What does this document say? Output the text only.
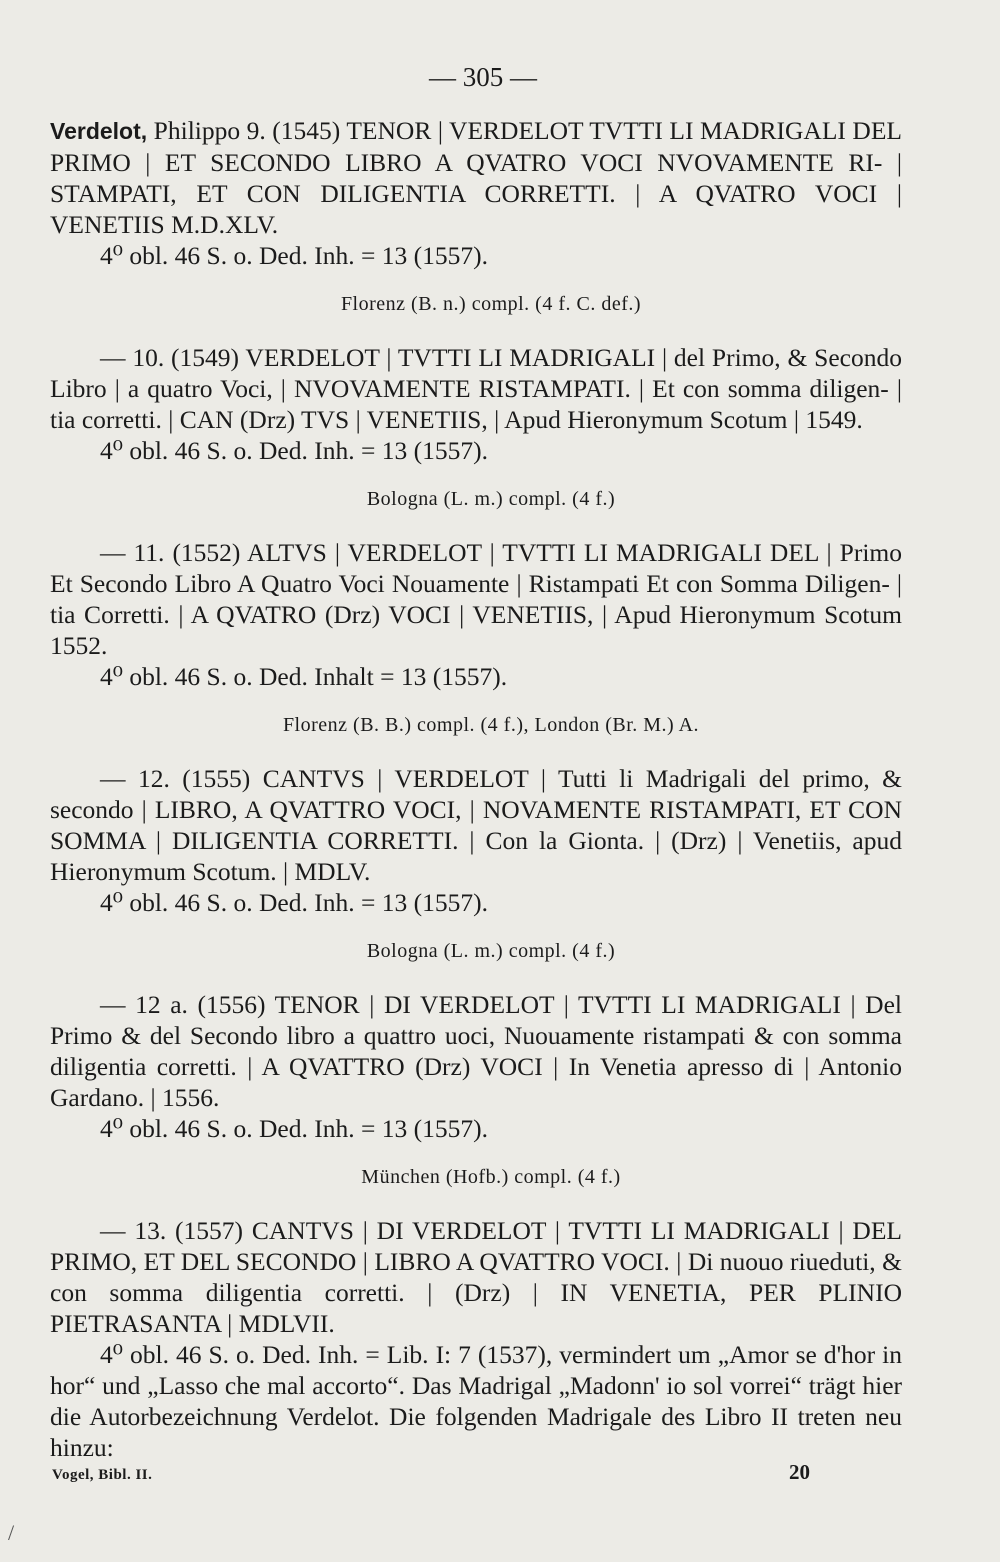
— 305 —

Verdelot, Philippo 9. (1545) TENOR | VERDELOT TVTTI LI MADRIGALI DEL PRIMO | ET SECONDO LIBRO A QVATRO VOCI NVOVAMENTE RI- | STAMPATI, ET CON DILIGENTIA CORRETTI. | A QVATRO VOCI | VENETIIS M.D.XLV.

4⁰ obl. 46 S. o. Ded. Inh. = 13 (1557).

Florenz (B. n.) compl. (4 f. C. def.)

— 10. (1549) VERDELOT | TVTTI LI MADRIGALI | del Primo, & Secondo Libro | a quatro Voci, | NVOVAMENTE RISTAMPATI. | Et con somma diligen- | tia corretti. | CAN (Drz) TVS | VENETIIS, | Apud Hieronymum Scotum | 1549.

4⁰ obl. 46 S. o. Ded. Inh. = 13 (1557).

Bologna (L. m.) compl. (4 f.)

— 11. (1552) ALTVS | VERDELOT | TVTTI LI MADRIGALI DEL | Primo Et Secondo Libro A Quatro Voci Nouamente | Ristampati Et con Somma Diligen- | tia Corretti. | A QVATRO (Drz) VOCI | VENETIIS, | Apud Hieronymum Scotum 1552.

4⁰ obl. 46 S. o. Ded. Inhalt = 13 (1557).

Florenz (B. B.) compl. (4 f.), London (Br. M.) A.

— 12. (1555) CANTVS | VERDELOT | Tutti li Madrigali del primo, & secondo | LIBRO, A QVATTRO VOCI, | NOVAMENTE RISTAMPATI, ET CON SOMMA | DILIGENTIA CORRETTI. | Con la Gionta. | (Drz) | Venetiis, apud Hieronymum Scotum. | MDLV.

4⁰ obl. 46 S. o. Ded. Inh. = 13 (1557).

Bologna (L. m.) compl. (4 f.)

— 12 a. (1556) TENOR | DI VERDELOT | TVTTI LI MADRIGALI | Del Primo & del Secondo libro a quattro uoci, Nuouamente ristampati & con somma diligentia corretti. | A QVATTRO (Drz) VOCI | In Venetia apresso di | Antonio Gardano. | 1556.

4⁰ obl. 46 S. o. Ded. Inh. = 13 (1557).

München (Hofb.) compl. (4 f.)

— 13. (1557) CANTVS | DI VERDELOT | TVTTI LI MADRIGALI | DEL PRIMO, ET DEL SECONDO | LIBRO A QVATTRO VOCI. | Di nuouo riueduti, & con somma diligentia corretti. | (Drz) | IN VENETIA, PER PLINIO PIETRASANTA | MDLVII.

4⁰ obl. 46 S. o. Ded. Inh. = Lib. I: 7 (1537), vermindert um „Amor se d'hor in hor“ und „Lasso che mal accorto“. Das Madrigal „Madonn' io sol vorrei“ trägt hier die Autorbezeichnung Verdelot. Die folgenden Madrigale des Libro II treten neu hinzu:

Vogel, Bibl. II.	20
/
